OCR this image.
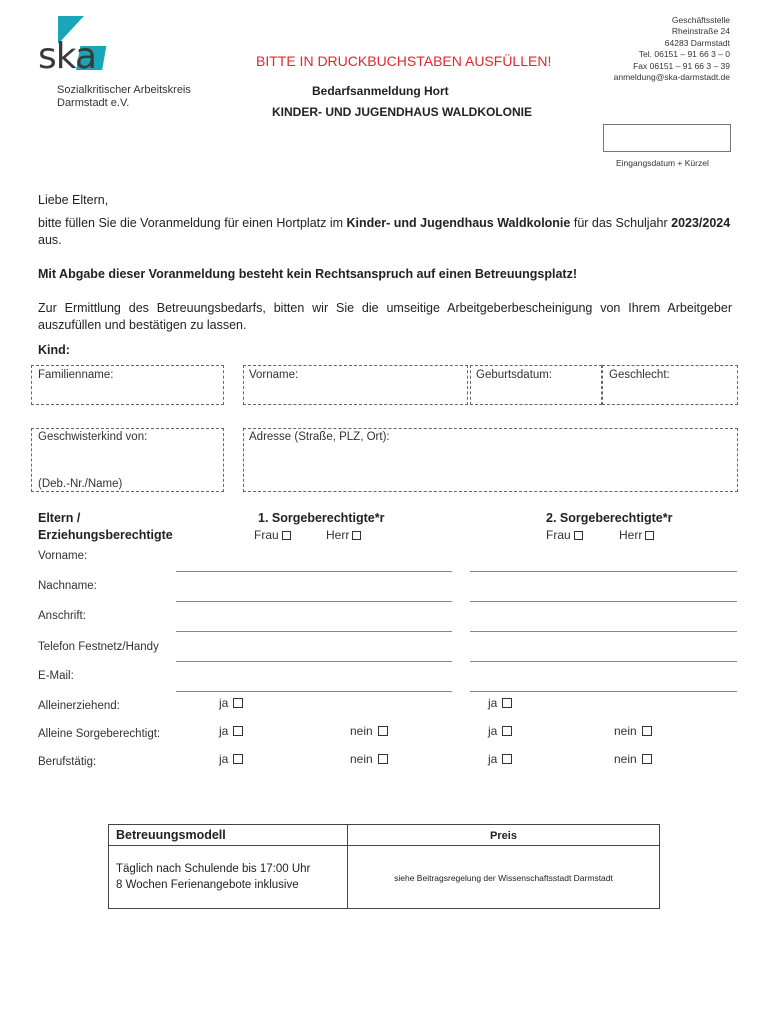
ska
Sozialkritischer Arbeitskreis
Darmstadt e.V.
BITTE IN DRUCKBUCHSTABEN AUSFÜLLEN!
Bedarfsanmeldung Hort
KINDER- UND JUGENDHAUS WALDKOLONIE
Geschäftsstelle
Rheinstraße 24
64283 Darmstadt
Tel. 06151 – 91 66 3 – 0
Fax 06151 – 91 66 3 – 39
anmeldung@ska-darmstadt.de
Eingangsdatum + Kürzel
Liebe Eltern,
bitte füllen Sie die Voranmeldung für einen Hortplatz im Kinder- und Jugendhaus Waldkolonie für das Schuljahr 2023/2024
aus.
Mit Abgabe dieser Voranmeldung besteht kein Rechtsanspruch auf einen Betreuungsplatz!
Zur Ermittlung des Betreuungsbedarfs, bitten wir Sie die umseitige Arbeitgeberbescheinigung von Ihrem Arbeitgeber
auszufüllen und bestätigen zu lassen.
Kind:
Familienname:	Vorname:	Geburtsdatum:	Geschlecht:
Geschwisterkind von:
(Deb.-Nr./Name)
Adresse (Straße, PLZ, Ort):
Eltern /
Erziehungsberechtigte
1. Sorgeberechtigte*r	2. Sorgeberechtigte*r
Frau	Herr	Frau	Herr
Vorname:
Nachname:
Anschrift:
Telefon Festnetz/Handy
E-Mail:
Alleinerziehend:	ja	ja
Alleine Sorgeberechtigt:	ja	nein	ja	nein
Berufstätig:	ja	nein	ja	nein
Betreuungsmodell	Preis

Täglich nach Schulende bis 17:00 Uhr
8 Wochen Ferienangebote inklusive	siehe Beitragsregelung der Wissenschaftsstadt Darmstadt
